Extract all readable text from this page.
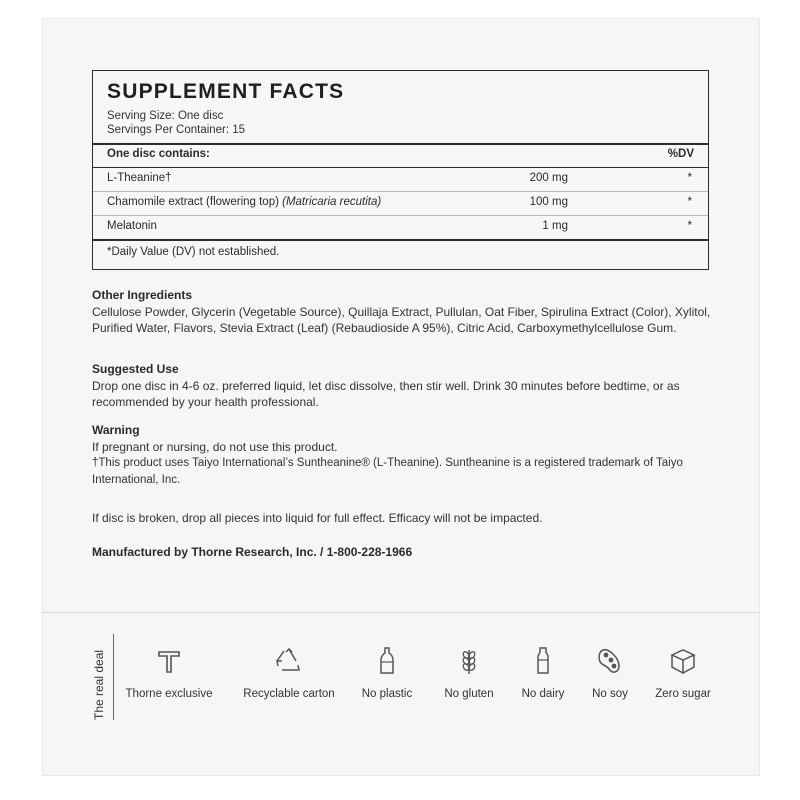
SUPPLEMENT FACTS
Serving Size: One disc
Servings Per Container: 15
One disc contains:	%DV
L-Theanine†	200 mg	*
Chamomile extract (flowering top) (Matricaria recutita)	100 mg	*
Melatonin	1 mg	*
*Daily Value (DV) not established.
Other Ingredients
Cellulose Powder, Glycerin (Vegetable Source), Quillaja Extract, Pullulan, Oat Fiber, Spirulina Extract (Color), Xylitol, Purified Water, Flavors, Stevia Extract (Leaf) (Rebaudioside A 95%), Citric Acid, Carboxymethylcellulose Gum.
Suggested Use
Drop one disc in 4-6 oz. preferred liquid, let disc dissolve, then stir well. Drink 30 minutes before bedtime, or as recommended by your health professional.
Warning
If pregnant or nursing, do not use this product.
†This product uses Taiyo International’s Suntheanine® (L-Theanine). Suntheanine is a registered trademark of Taiyo International, Inc.
If disc is broken, drop all pieces into liquid for full effect. Efficacy will not be impacted.
Manufactured by Thorne Research, Inc. / 1-800-228-1966
The real deal	Thorne exclusive	Recyclable carton	No plastic	No gluten	No dairy	No soy	Zero sugar
